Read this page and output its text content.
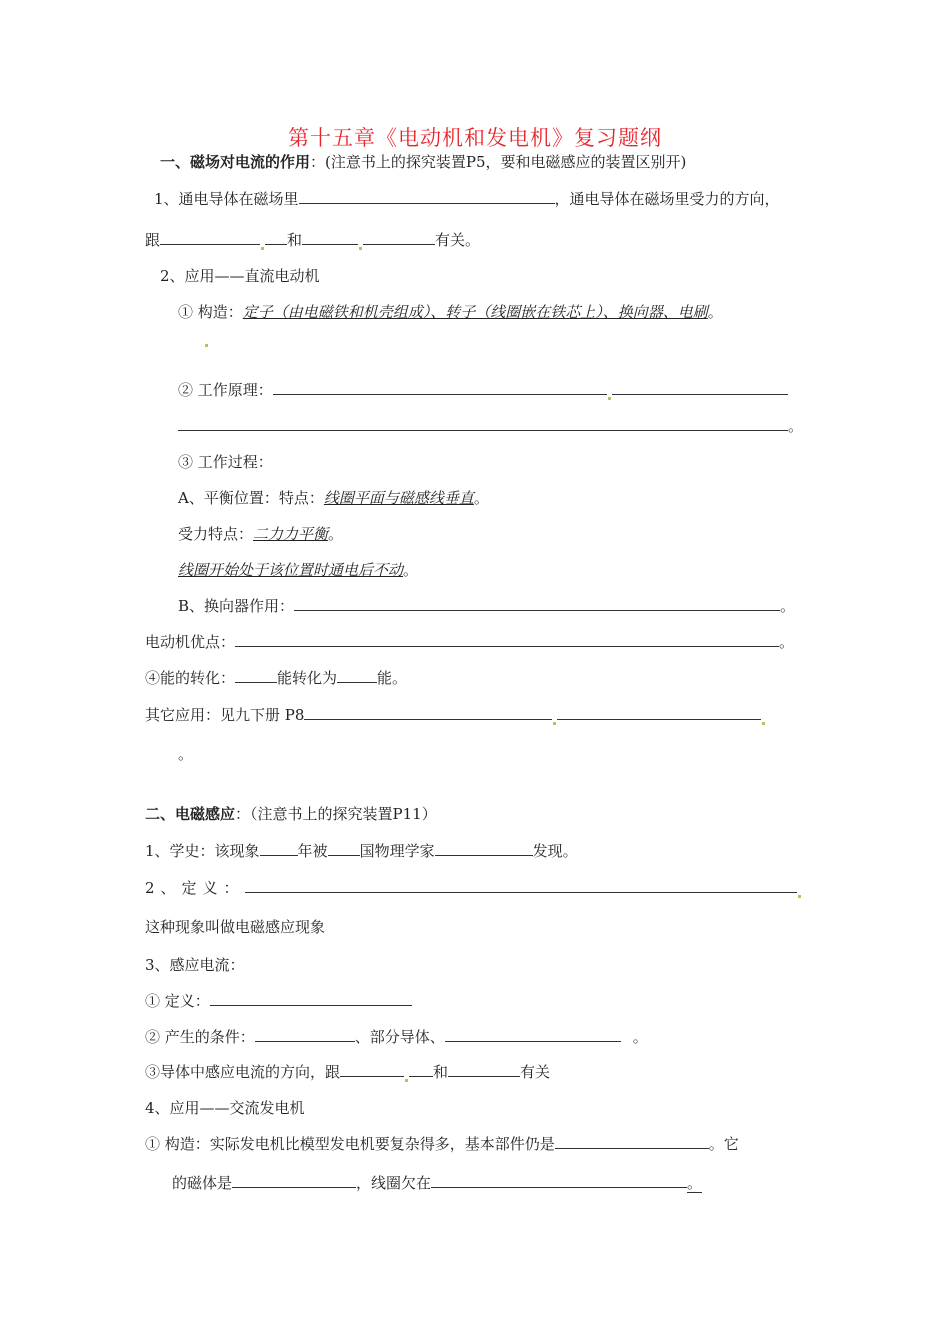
第十五章《电动机和发电机》复习题纲
一、磁场对电流的作用：(注意书上的探究装置P5，要和电磁感应的装置区别开)
1、通电导体在磁场里	，通电导体在磁场里受力的方向，
跟	和	有关。
2、应用——直流电动机
① 构造：定子（由电磁铁和机壳组成）、转子（线圈嵌在铁芯上）、换向器、电刷。
② 工作原理：
。
③ 工作过程：
A、平衡位置：特点：线圈平面与磁感线垂直。
受力特点：二力力平衡。
线圈开始处于该位置时通电后不动。
B、换向器作用：	。
电动机优点：	。
④能的转化：	能转化为	能。
其它应用：见九下册 P8
。
二、电磁感应：（注意书上的探究装置P11）
1、学史：该现象	年被 国物理学家	发现。
2、定义：
这种现象叫做电磁感应现象
3、感应电流：
① 定义：
② 产生的条件：	、部分导体、	。
③导体中感应电流的方向，跟	和	有关
4、应用——交流发电机
① 构造：实际发电机比模型发电机要复杂得多，基本部件仍是	。它
的磁体是	，线圈欠在	。
